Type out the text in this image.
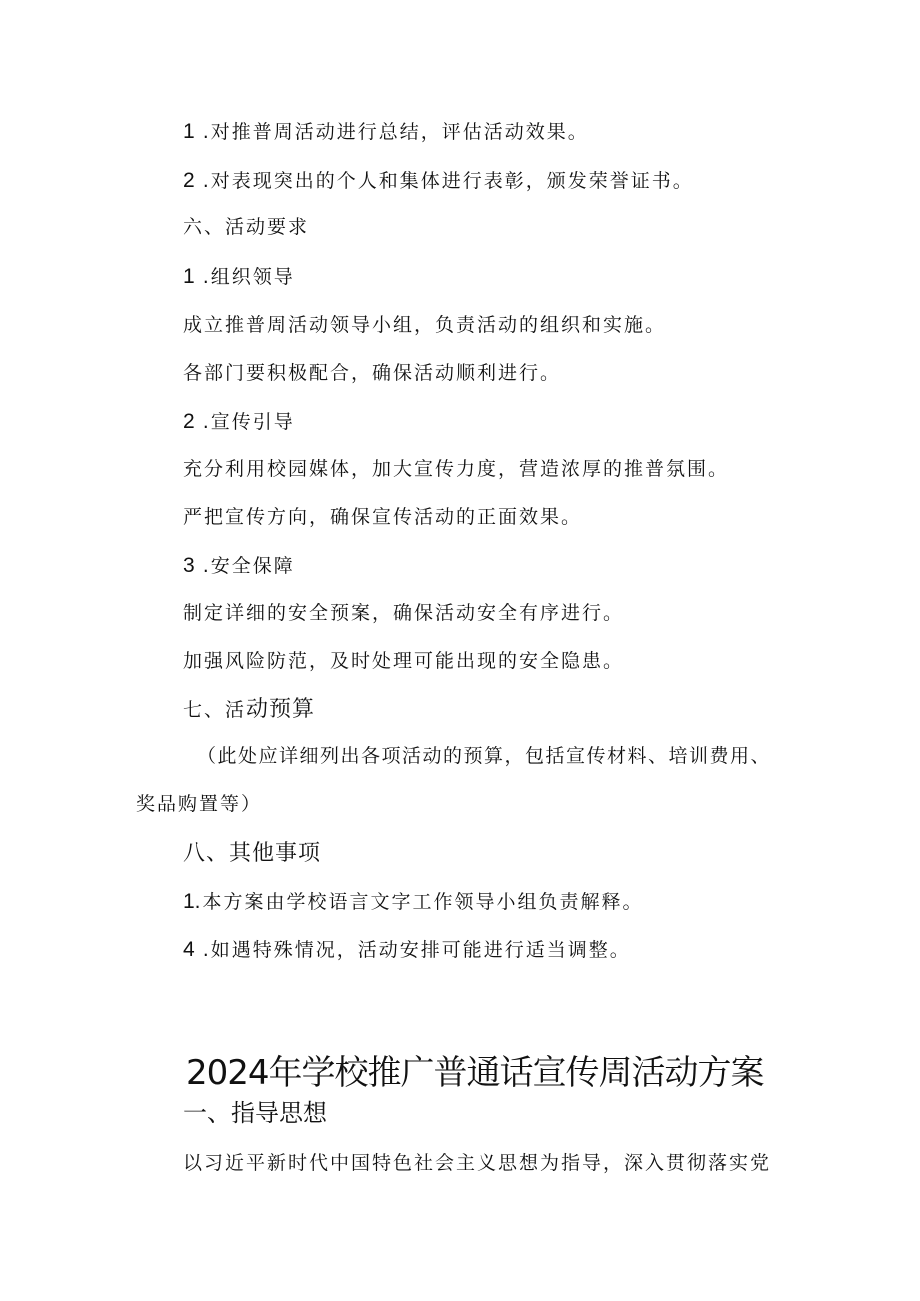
1 .对推普周活动进行总结，评估活动效果。
2 .对表现突出的个人和集体进行表彰，颁发荣誉证书。
六、活动要求
1 .组织领导
成立推普周活动领导小组，负责活动的组织和实施。
各部门要积极配合，确保活动顺利进行。
2 .宣传引导
充分利用校园媒体，加大宣传力度，营造浓厚的推普氛围。
严把宣传方向，确保宣传活动的正面效果。
3 .安全保障
制定详细的安全预案，确保活动安全有序进行。
加强风险防范，及时处理可能出现的安全隐患。
七、活动预算
（此处应详细列出各项活动的预算，包括宣传材料、培训费用、
奖品购置等）
八、其他事项
1. 本方案由学校语言文字工作领导小组负责解释。
4 .如遇特殊情况，活动安排可能进行适当调整。
2024年学校推广普通话宣传周活动方案
一、指导思想
以习近平新时代中国特色社会主义思想为指导，深入贯彻落实党
